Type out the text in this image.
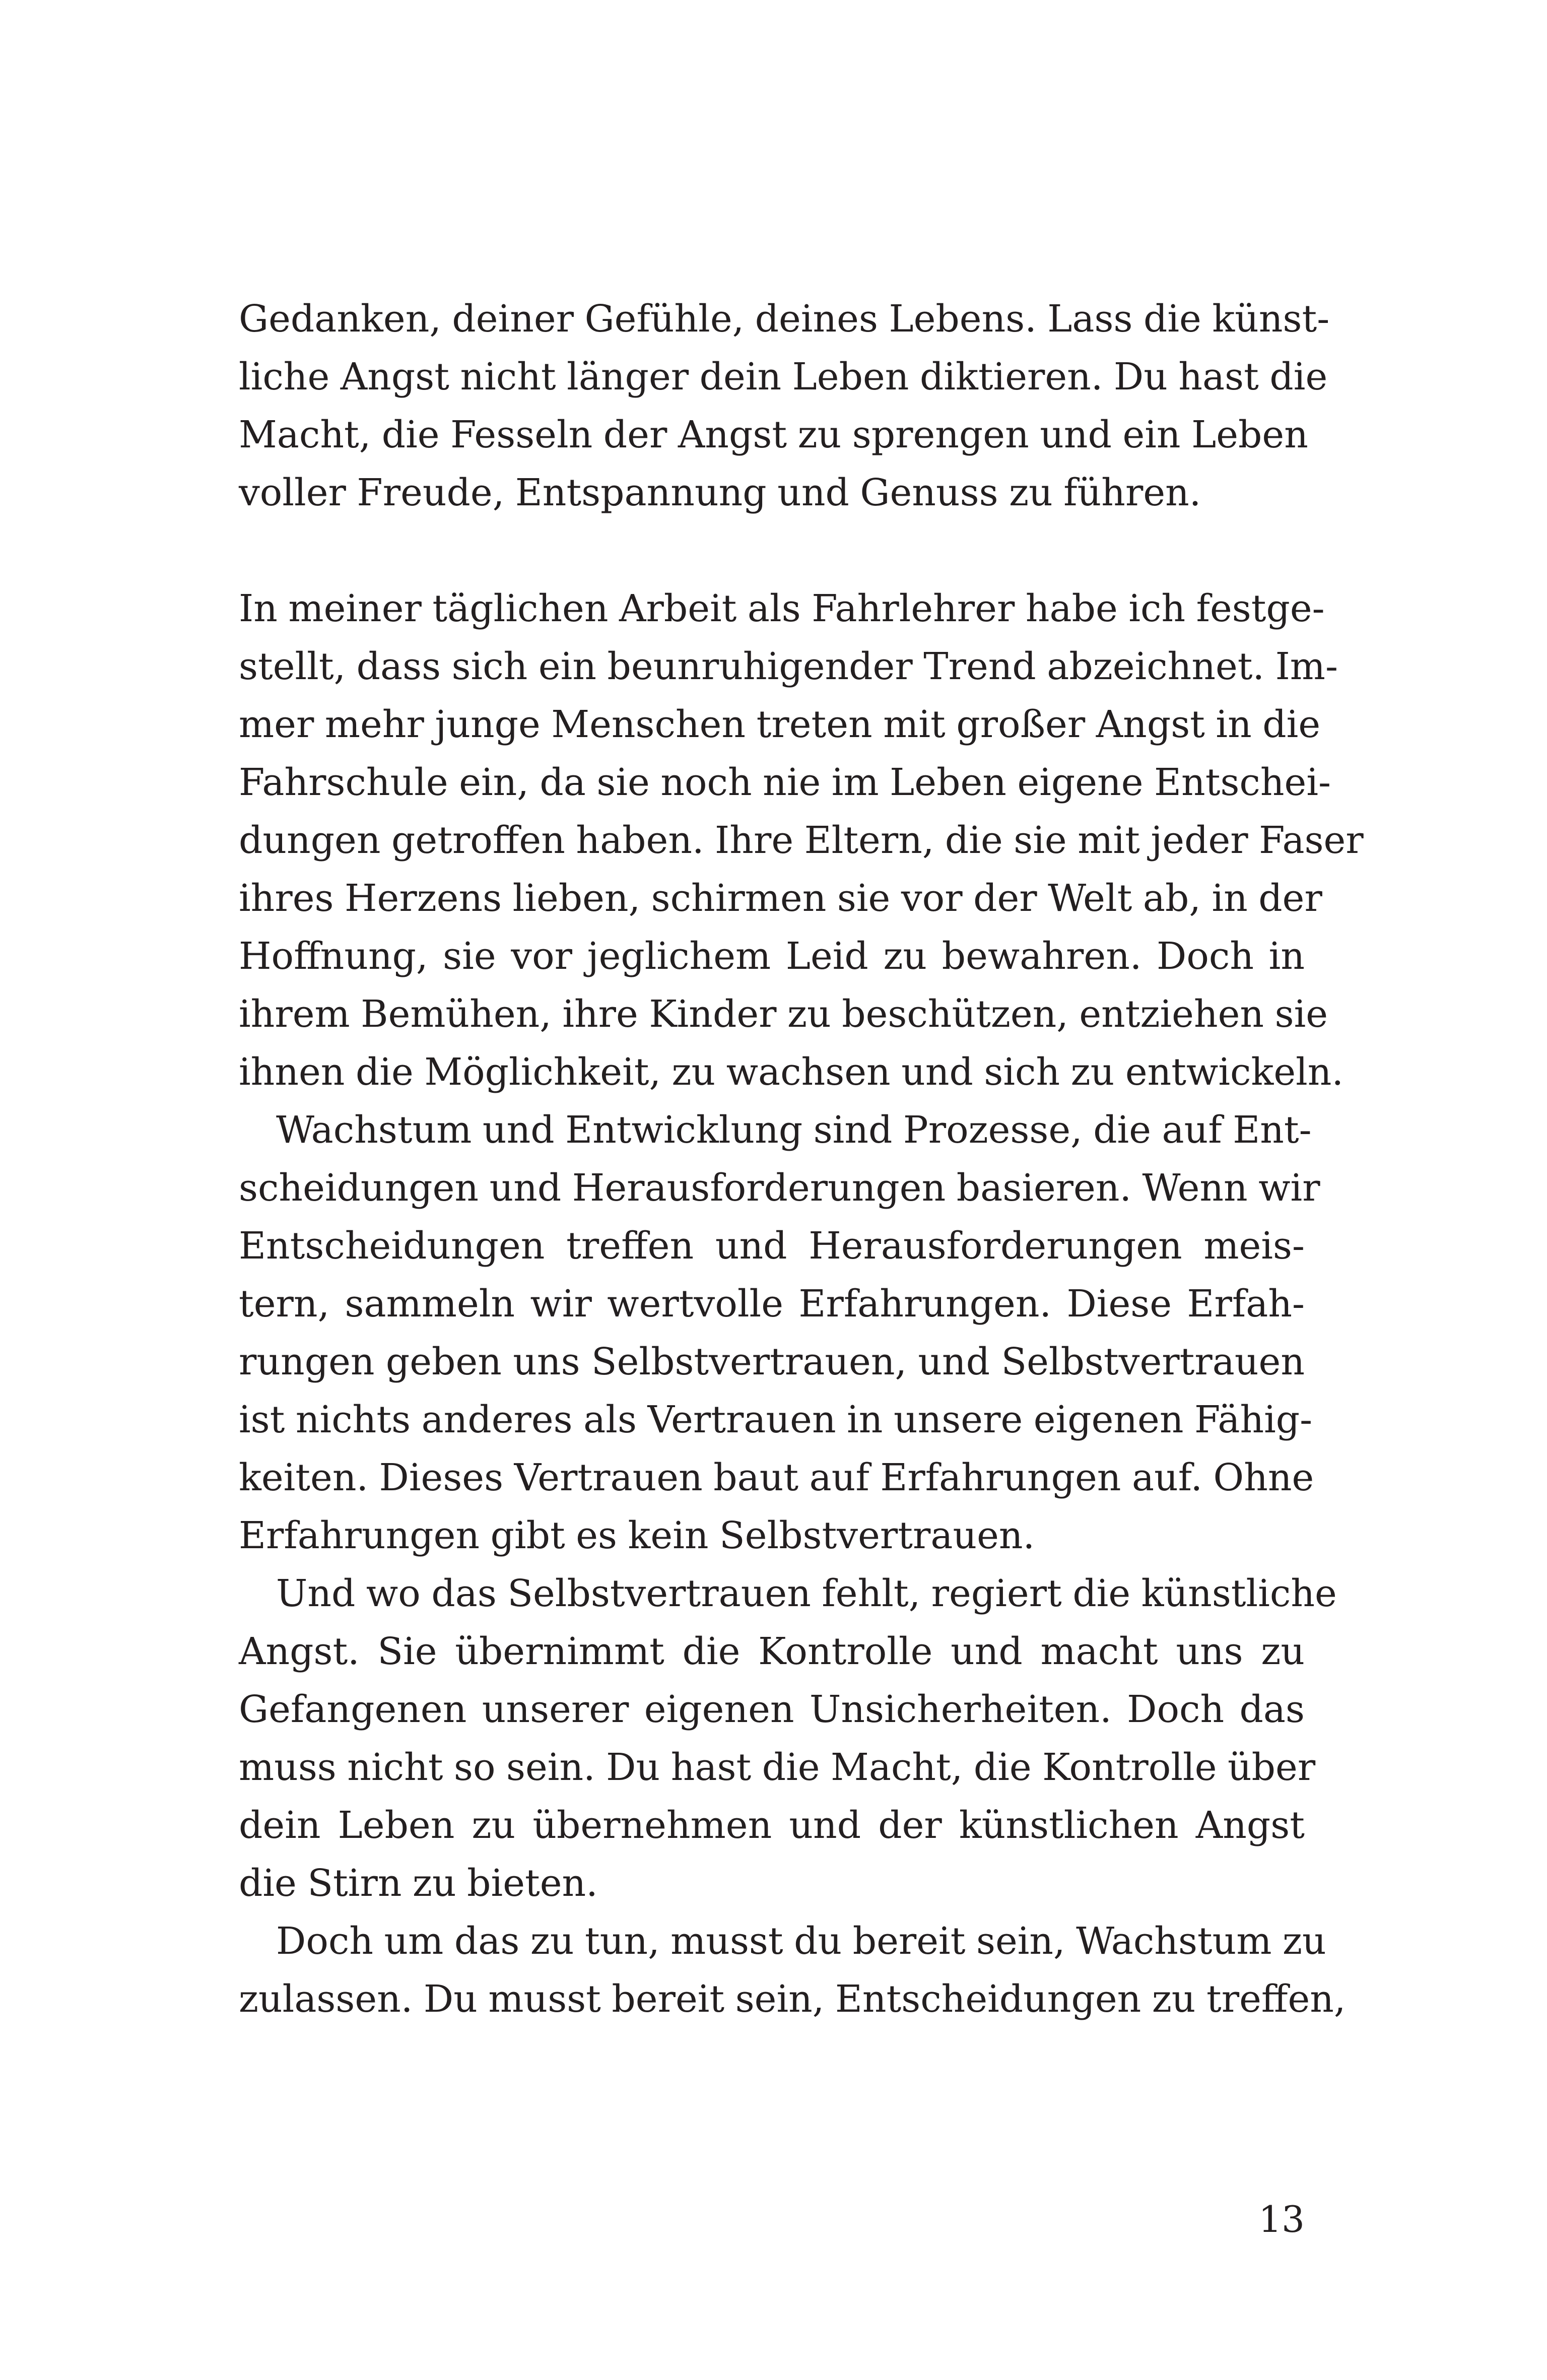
Gedanken, deiner Gefühle, deines Lebens. Lass die künst-
liche Angst nicht länger dein Leben diktieren. Du hast die
Macht, die Fesseln der Angst zu sprengen und ein Leben
voller Freude, Entspannung und Genuss zu führen.

In meiner täglichen Arbeit als Fahrlehrer habe ich festge-
stellt, dass sich ein beunruhigender Trend abzeichnet. Im-
mer mehr junge Menschen treten mit großer Angst in die
Fahrschule ein, da sie noch nie im Leben eigene Entschei-
dungen getroffen haben. Ihre Eltern, die sie mit jeder Faser
ihres Herzens lieben, schirmen sie vor der Welt ab, in der
Hoffnung, sie vor jeglichem Leid zu bewahren. Doch in
ihrem Bemühen, ihre Kinder zu beschützen, entziehen sie
ihnen die Möglichkeit, zu wachsen und sich zu entwickeln.

Wachstum und Entwicklung sind Prozesse, die auf Ent-
scheidungen und Herausforderungen basieren. Wenn wir
Entscheidungen treffen und Herausforderungen meis-
tern, sammeln wir wertvolle Erfahrungen. Diese Erfah-
rungen geben uns Selbstvertrauen, und Selbstvertrauen
ist nichts anderes als Vertrauen in unsere eigenen Fähig-
keiten. Dieses Vertrauen baut auf Erfahrungen auf. Ohne
Erfahrungen gibt es kein Selbstvertrauen.

Und wo das Selbstvertrauen fehlt, regiert die künstliche
Angst. Sie übernimmt die Kontrolle und macht uns zu
Gefangenen unserer eigenen Unsicherheiten. Doch das
muss nicht so sein. Du hast die Macht, die Kontrolle über
dein Leben zu übernehmen und der künstlichen Angst
die Stirn zu bieten.

Doch um das zu tun, musst du bereit sein, Wachstum zu
zulassen. Du musst bereit sein, Entscheidungen zu treffen,

13
